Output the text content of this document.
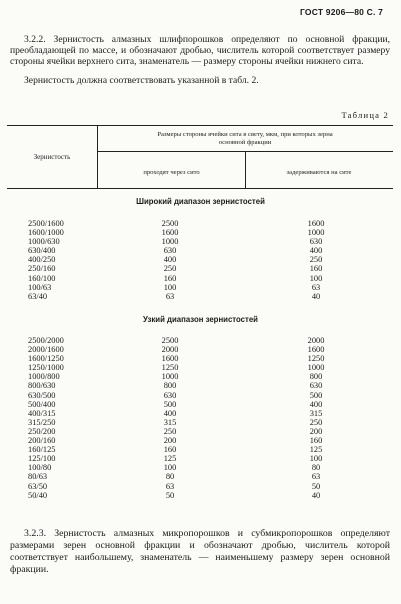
ГОСТ 9206—80 С. 7

3.2.2. Зернистость алмазных шлифпорошков определяют по основной фракции, преобладающей по массе, и обозначают дробью, числитель которой соответствует размеру стороны ячейки верхнего сита, знаменатель — размеру стороны ячейки нижнего сита.

Зернистость должна соответствовать указанной в табл. 2.

Таблица 2
Зернистость
Размеры стороны ячейки сита в свету, мкм, при которых зерна основной фракции
проходят через сито	задерживаются на сите
Широкий диапазон зернистостей
2500/1600
1600/1000
1000/630
630/400
400/250
250/160
160/100
100/63
63/40
2500
1600
1000
630
400
250
160
100
63
1600
1000
630
400
250
160
100
63
40
Узкий диапазон зернистостей
2500/2000
2000/1600
1600/1250
1250/1000
1000/800
800/630
630/500
500/400
400/315
315/250
250/200
200/160
160/125
125/100
100/80
80/63
63/50
50/40
2500
2000
1600
1250
1000
800
630
500
400
315
250
200
160
125
100
80
63
50
2000
1600
1250
1000
800
630
500
400
315
250
200
160
125
100
80
63
50
40

3.2.3. Зернистость алмазных микропорошков и субмикропорошков определяют размерами зерен основной фракции и обозначают дробью, числитель которой соответствует наибольшему, знаменатель — наименьшему размеру зерен основной фракции.
